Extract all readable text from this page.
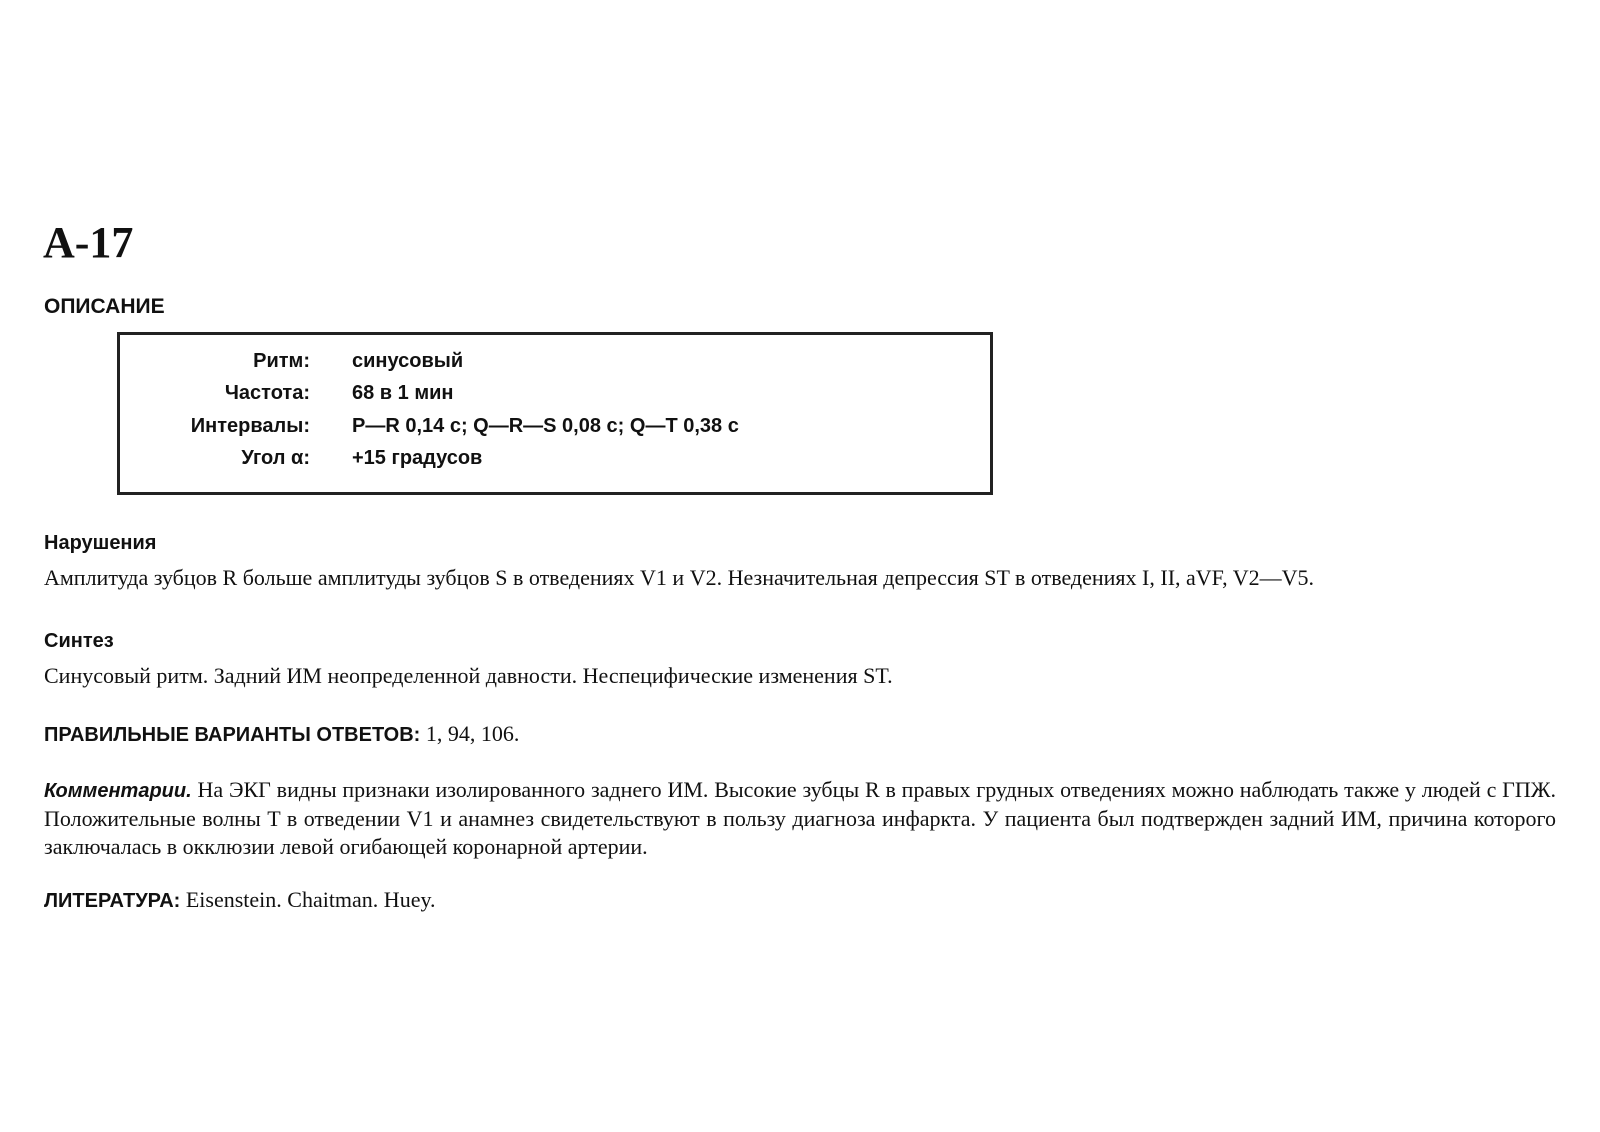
А-17
ОПИСАНИЕ
Ритм: синусовый
Частота: 68 в 1 мин
Интервалы: P—R 0,14 с; Q—R—S 0,08 с; Q—T 0,38 с
Угол α: +15 градусов
Нарушения

Амплитуда зубцов R больше амплитуды зубцов S в отведениях V1 и V2. Незначительная депрессия ST в отведениях I, II, aVF, V2—V5.

Синтез

Синусовый ритм. Задний ИМ неопределенной давности. Неспецифические изменения ST.

ПРАВИЛЬНЫЕ ВАРИАНТЫ ОТВЕТОВ: 1, 94, 106.

Комментарии. На ЭКГ видны признаки изолированного заднего ИМ. Высокие зубцы R в правых грудных отведениях можно наблюдать также у людей с ГПЖ. Положительные волны T в отведении V1 и анамнез свидетельствуют в пользу диагноза инфаркта. У пациента был подтвержден задний ИМ, причина которого заключалась в окклюзии левой огибающей коронарной артерии.

ЛИТЕРАТУРА: Eisenstein. Chaitman. Huey.
